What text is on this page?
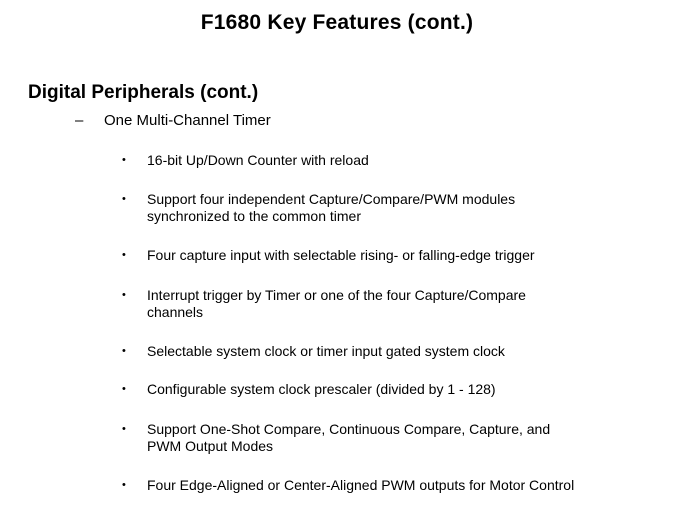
F1680 Key Features (cont.)
Digital Peripherals (cont.)
– One Multi-Channel Timer
• 16-bit Up/Down Counter with reload
• Support four independent Capture/Compare/PWM modules
synchronized to the common timer
• Four capture input with selectable rising- or falling-edge trigger
• Interrupt trigger by Timer or one of the four Capture/Compare
channels
• Selectable system clock or timer input gated system clock
• Configurable system clock prescaler (divided by 1 - 128)
• Support One-Shot Compare, Continuous Compare, Capture, and
PWM Output Modes
• Four Edge-Aligned or Center-Aligned PWM outputs for Motor Control
